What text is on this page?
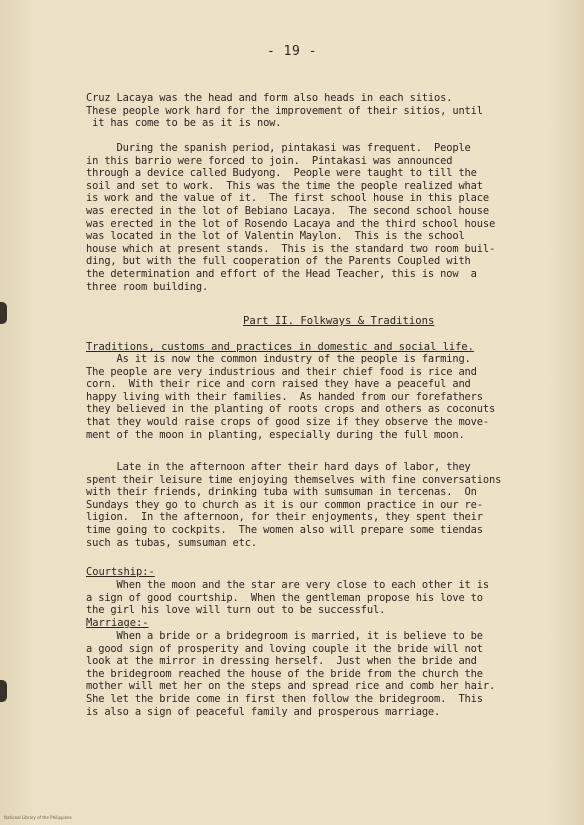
- 19 -
Cruz Lacaya was the head and form also heads in each sitios.
These people work hard for the improvement of their sitios, until
it has come to be as it is now.
During the spanish period, pintakasi was frequent.  People
in this barrio were forced to join.  Pintakasi was announced
through a device called Budyong.  People were taught to till the
soil and set to work.  This was the time the people realized what
is work and the value of it.  The first school house in this place
was erected in the lot of Bebiano Lacaya.  The second school house
was erected in the lot of Rosendo Lacaya and the third school house
was located in the lot of Valentin Maylon.  This is the school
house which at present stands.  This is the standard two room buil-
ding, but with the full cooperation of the Parents Coupled with
the determination and effort of the Head Teacher, this is now  a
three room building.
Part II. Folkways & Traditions
Traditions, customs and practices in domestic and social life.
As it is now the common industry of the people is farming.
The people are very industrious and their chief food is rice and
corn.  With their rice and corn raised they have a peaceful and
happy living with their families.  As handed from our forefathers
they believed in the planting of roots crops and others as coconuts
that they would raise crops of good size if they observe the move-
ment of the moon in planting, especially during the full moon.
Late in the afternoon after their hard days of labor, they
spent their leisure time enjoying themselves with fine conversations
with their friends, drinking tuba with sumsuman in tercenas.  On
Sundays they go to church as it is our common practice in our re-
ligion.  In the afternoon, for their enjoyments, they spent their
time going to cockpits.  The women also will prepare some tiendas
such as tubas, sumsuman etc.
Courtship:-
When the moon and the star are very close to each other it is
a sign of good courtship.  When the gentleman propose his love to
the girl his love will turn out to be successful.
Marriage:-
When a bride or a bridegroom is married, it is believe to be
a good sign of prosperity and loving couple it the bride will not
look at the mirror in dressing herself.  Just when the bride and
the bridegroom reached the house of the bride from the church the
mother will met her on the steps and spread rice and comb her hair.
She let the bride come in first then follow the bridegroom.  This
is also a sign of peaceful family and prosperous marriage.
National Library of the Philippines
